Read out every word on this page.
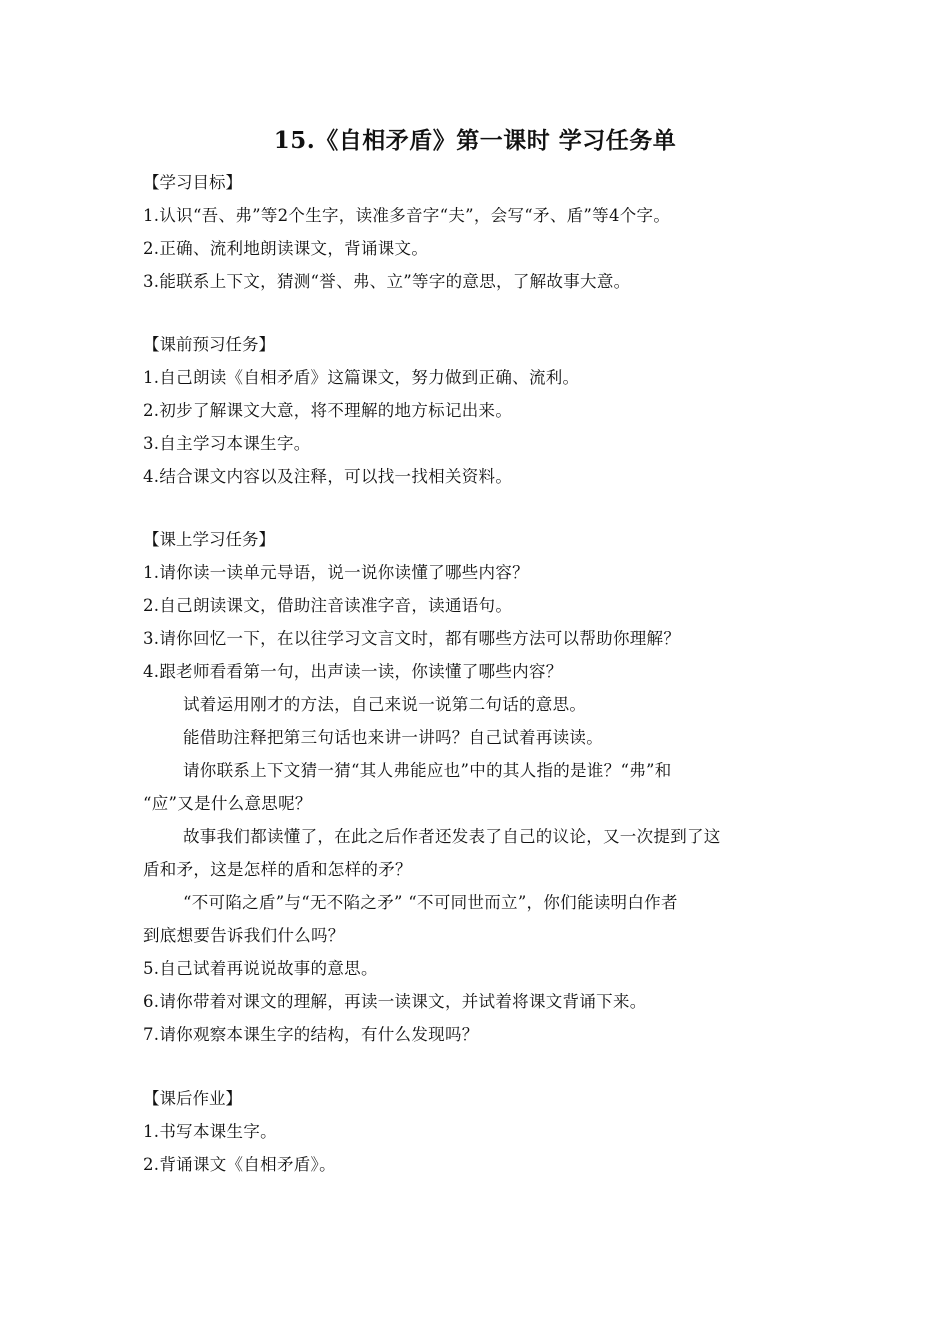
15.《自相矛盾》第一课时 学习任务单
【学习目标】
1.认识“吾、弗”等2个生字，读准多音字“夫”，会写“矛、盾”等4个字。
2.正确、流利地朗读课文，背诵课文。
3.能联系上下文，猜测“誉、弗、立”等字的意思，了解故事大意。
【课前预习任务】
1.自己朗读《自相矛盾》这篇课文，努力做到正确、流利。
2.初步了解课文大意，将不理解的地方标记出来。
3.自主学习本课生字。
4.结合课文内容以及注释，可以找一找相关资料。
【课上学习任务】
1.请你读一读单元导语，说一说你读懂了哪些内容？
2.自己朗读课文，借助注音读准字音，读通语句。
3.请你回忆一下，在以往学习文言文时，都有哪些方法可以帮助你理解？
4.跟老师看看第一句，出声读一读，你读懂了哪些内容？
试着运用刚才的方法，自己来说一说第二句话的意思。
能借助注释把第三句话也来讲一讲吗？自己试着再读读。
请你联系上下文猜一猜“其人弗能应也”中的其人指的是谁？“弗”和
“应”又是什么意思呢？
故事我们都读懂了，在此之后作者还发表了自己的议论，又一次提到了这
盾和矛，这是怎样的盾和怎样的矛？
“不可陷之盾”与“无不陷之矛” “不可同世而立”，你们能读明白作者
到底想要告诉我们什么吗？
5.自己试着再说说故事的意思。
6.请你带着对课文的理解，再读一读课文，并试着将课文背诵下来。
7.请你观察本课生字的结构，有什么发现吗？
【课后作业】
1.书写本课生字。
2.背诵课文《自相矛盾》。
